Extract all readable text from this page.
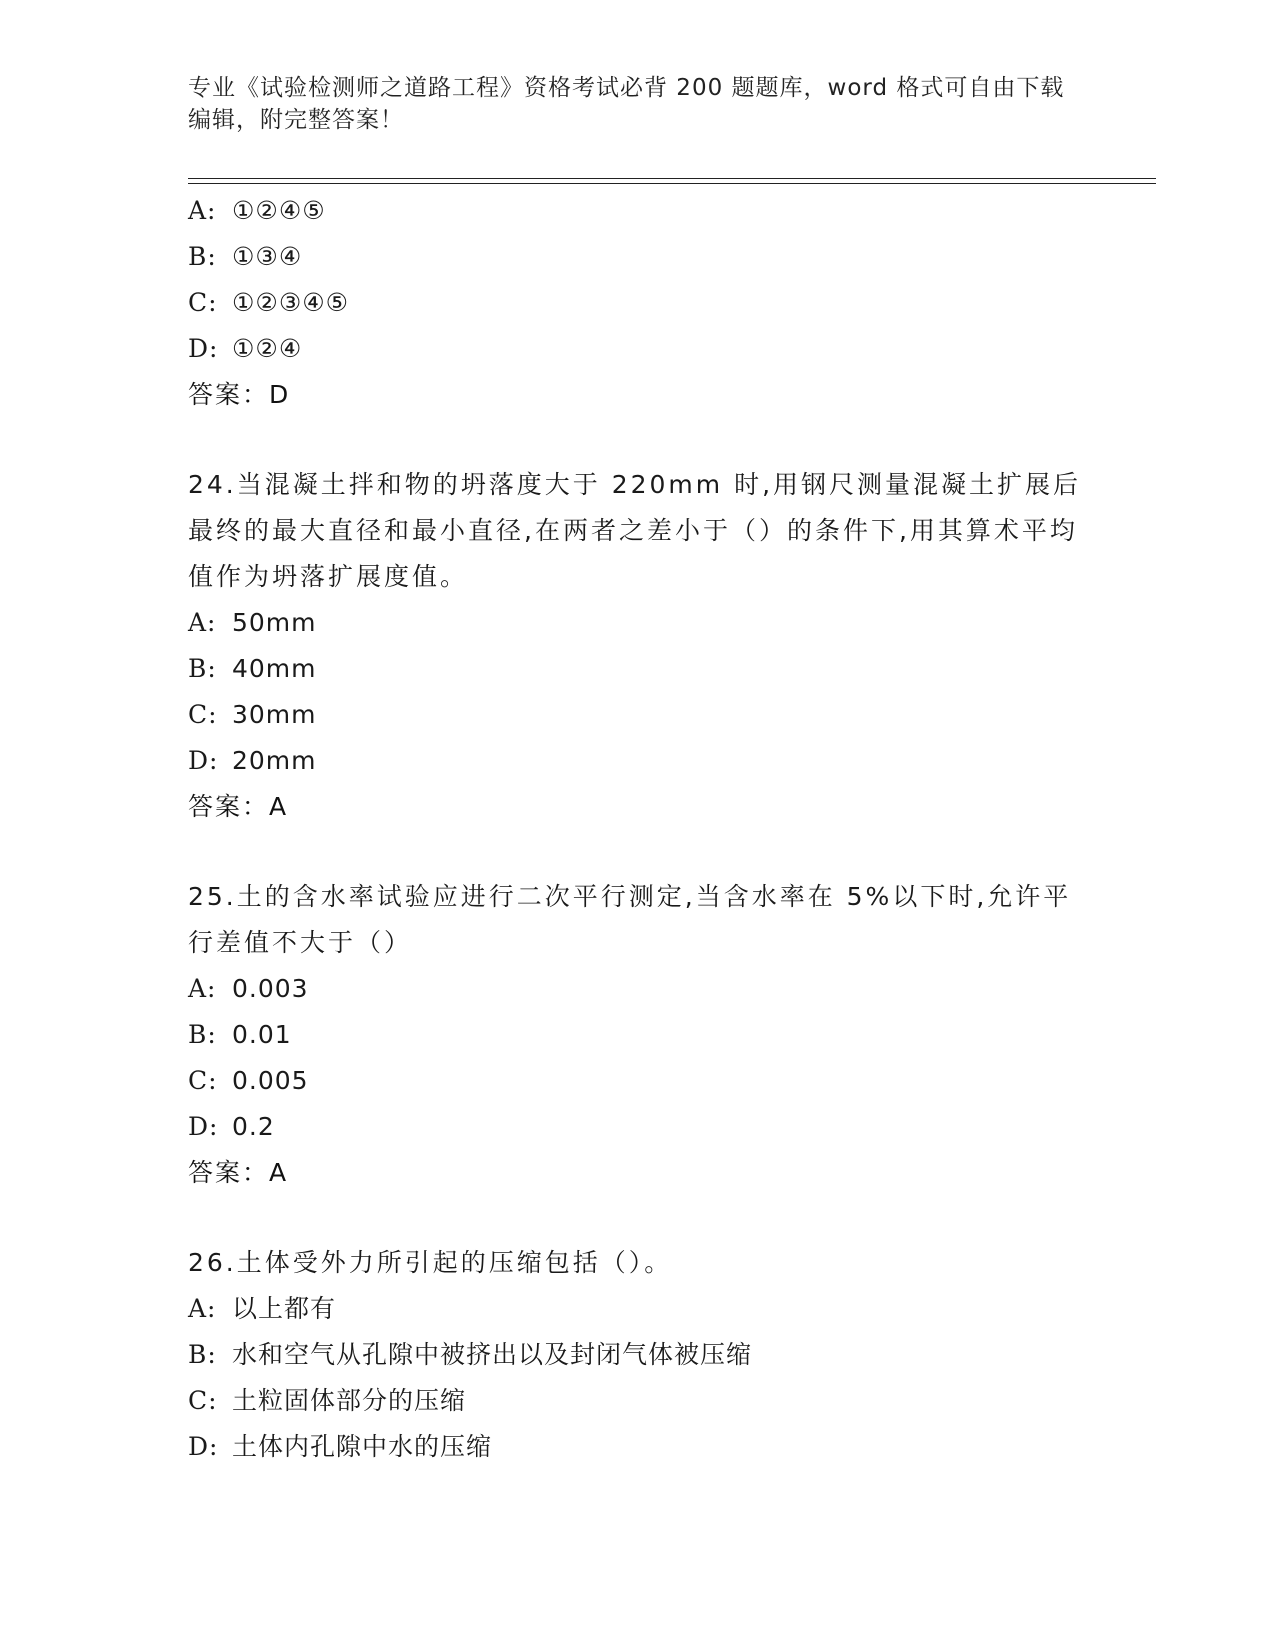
专业《试验检测师之道路工程》资格考试必背 200 题题库，word 格式可自由下载编辑，附完整答案！
A: ①②④⑤
B: ①③④
C: ①②③④⑤
D: ①②④
答案：D
24.当混凝土拌和物的坍落度大于 220mm 时,用钢尺测量混凝土扩展后最终的最大直径和最小直径,在两者之差小于（）的条件下,用其算术平均值作为坍落扩展度值。
A: 50mm
B: 40mm
C: 30mm
D: 20mm
答案：A
25.土的含水率试验应进行二次平行测定,当含水率在 5%以下时,允许平行差值不大于（）
A: 0.003
B: 0.01
C: 0.005
D: 0.2
答案：A
26.土体受外力所引起的压缩包括（）。
A: 以上都有
B: 水和空气从孔隙中被挤出以及封闭气体被压缩
C: 土粒固体部分的压缩
D: 土体内孔隙中水的压缩
